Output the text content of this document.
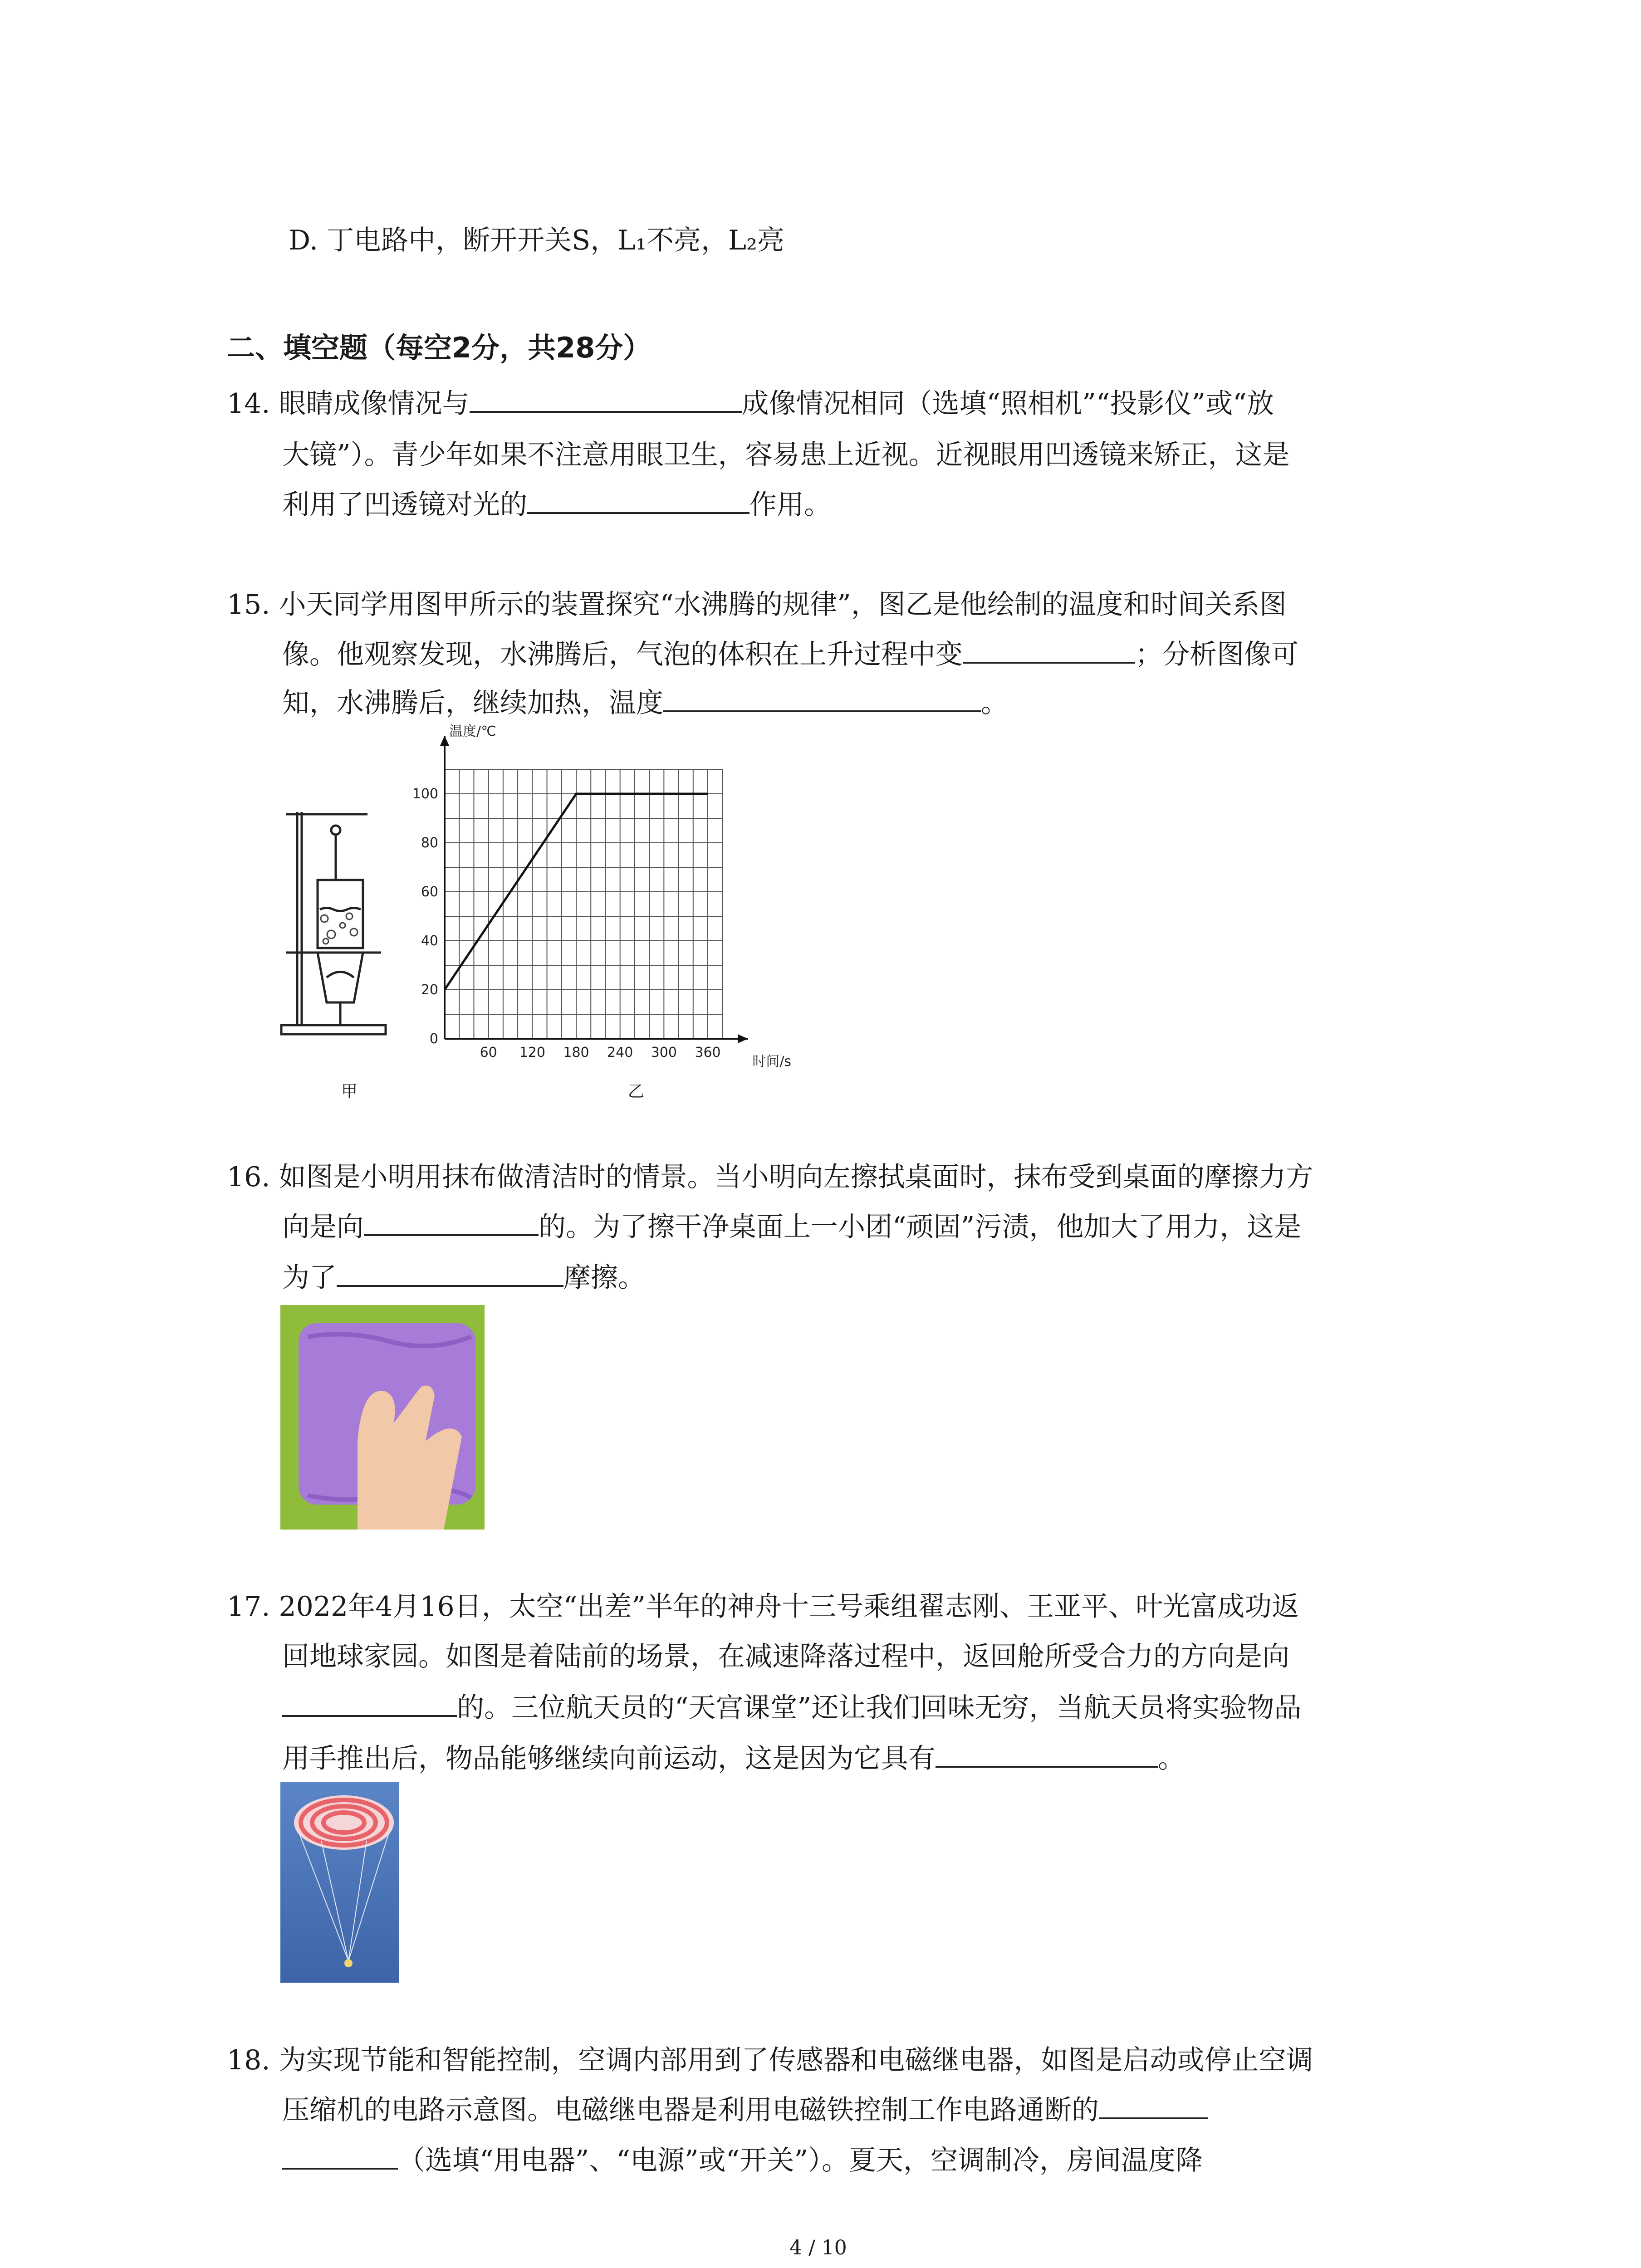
D. 丁电路中，断开开关S，L₁不亮，L₂亮
二、填空题（每空2分，共28分）
14. 眼睛成像情况与	成像情况相同（选填“照相机”“投影仪”或“放
大镜”）。青少年如果不注意用眼卫生，容易患上近视。近视眼用凹透镜来矫正，这是
利用了凹透镜对光的	作用。
15. 小天同学用图甲所示的装置探究“水沸腾的规律”，图乙是他绘制的温度和时间关系图
像。他观察发现，水沸腾后，气泡的体积在上升过程中变	；分析图像可
知，水沸腾后，继续加热，温度	。
甲
60 120 180 240 300 360
0
20
40
60
80
100
温度/℃
时间/s
乙
16. 如图是小明用抹布做清洁时的情景。当小明向左擦拭桌面时，抹布受到桌面的摩擦力方
向是向	的。为了擦干净桌面上一小团“顽固”污渍，他加大了用力，这是
为了	摩擦。
17. 2022年4月16日，太空“出差”半年的神舟十三号乘组翟志刚、王亚平、叶光富成功返
回地球家园。如图是着陆前的场景，在减速降落过程中，返回舱所受合力的方向是向
的。三位航天员的“天宫课堂”还让我们回味无穷，当航天员将实验物品
用手推出后，物品能够继续向前运动，这是因为它具有	。
18. 为实现节能和智能控制，空调内部用到了传感器和电磁继电器，如图是启动或停止空调
压缩机的电路示意图。电磁继电器是利用电磁铁控制工作电路通断的
（选填“用电器”、“电源”或“开关”）。夏天，空调制冷，房间温度降
4 / 10
